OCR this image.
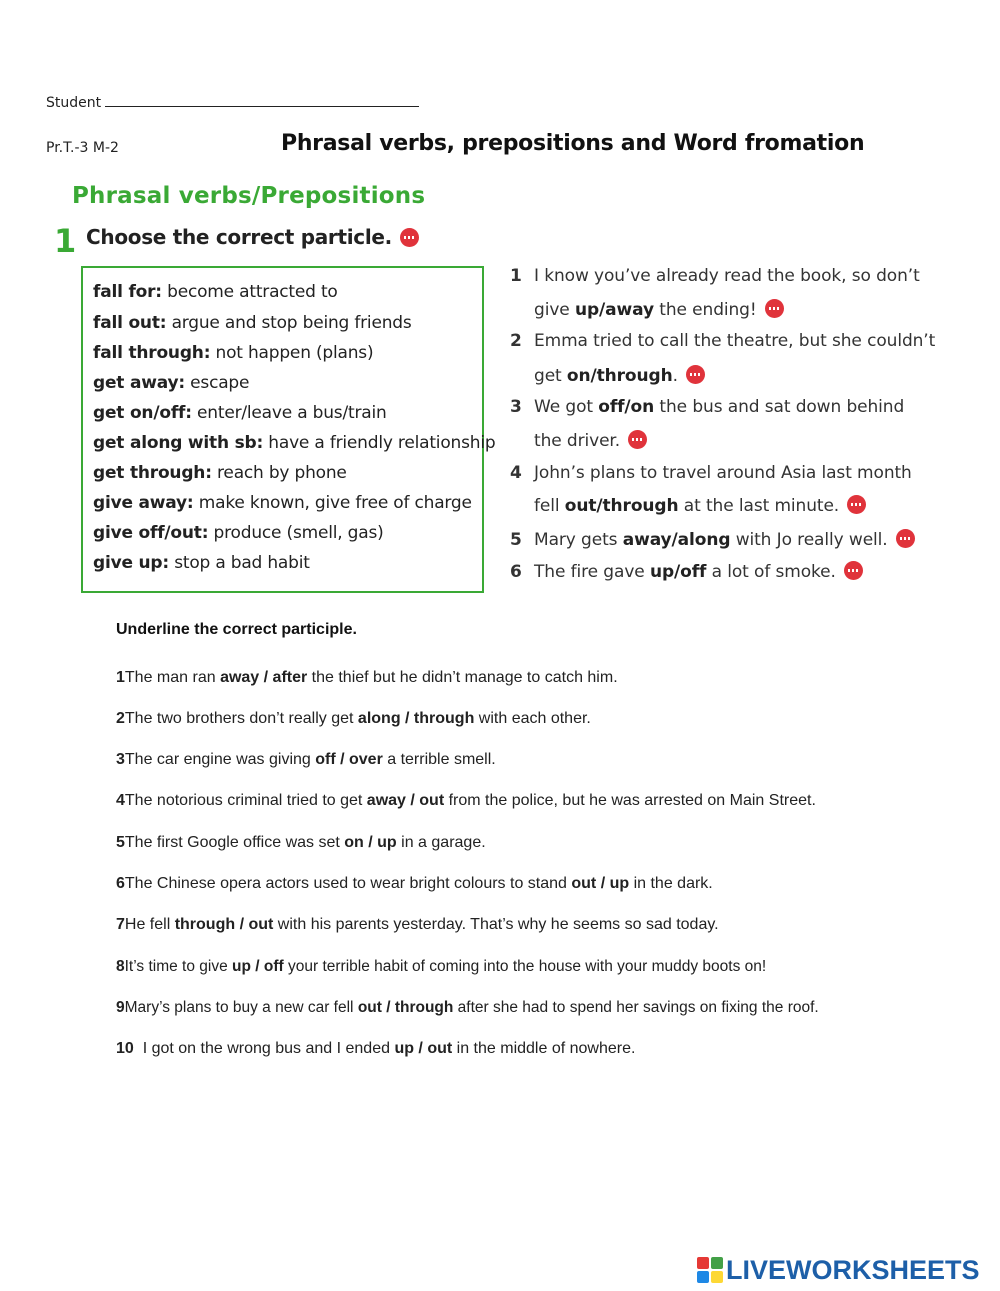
Student
Pr.T.-3 M-2	Phrasal verbs, prepositions and Word fromation
Phrasal verbs/Prepositions
1 Choose the correct particle.
fall for: become attracted to
fall out: argue and stop being friends
fall through: not happen (plans)
get away: escape
get on/off: enter/leave a bus/train
get along with sb: have a friendly relationship
get through: reach by phone
give away: make known, give free of charge
give off/out: produce (smell, gas)
give up: stop a bad habit
1 I know you’ve already read the book, so don’t
give up/away the ending!
2 Emma tried to call the theatre, but she couldn’t
get on/through.
3 We got off/on the bus and sat down behind
the driver.
4 John’s plans to travel around Asia last month
fell out/through at the last minute.
5 Mary gets away/along with Jo really well.
6 The fire gave up/off a lot of smoke.
Underline the correct participle.
1The man ran away / after the thief but he didn’t manage to catch him.
2The two brothers don’t really get along / through with each other.
3The car engine was giving off / over a terrible smell.
4The notorious criminal tried to get away / out from the police, but he was arrested on Main Street.
5The first Google office was set on / up in a garage.
6The Chinese opera actors used to wear bright colours to stand out / up in the dark.
7He fell through / out with his parents yesterday. That’s why he seems so sad today.
8It’s time to give up / off your terrible habit of coming into the house with your muddy boots on!
9Mary’s plans to buy a new car fell out / through after she had to spend her savings on fixing the roof.
10  I got on the wrong bus and I ended up / out in the middle of nowhere.
LIVEWORKSHEETS
